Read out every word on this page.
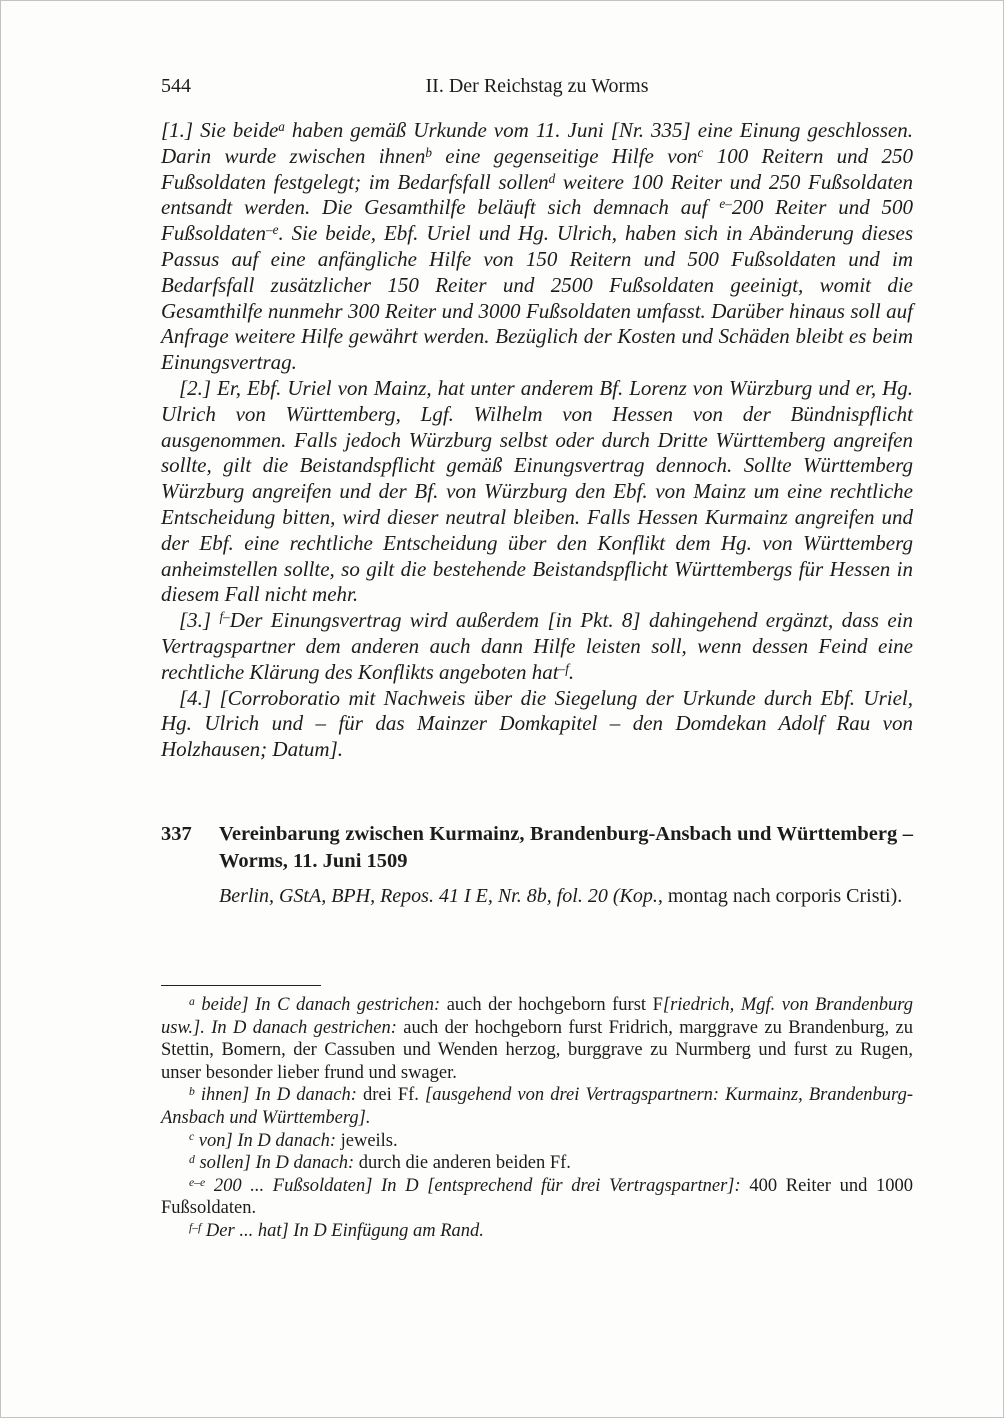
544	II. Der Reichstag zu Worms

[1.] Sie beide$^a$ haben gemäß Urkunde vom 11. Juni [Nr. 335] eine Einung geschlossen. Darin wurde zwischen ihnen$^b$ eine gegenseitige Hilfe von$^c$ 100 Reitern und 250 Fußsoldaten festgelegt; im Bedarfsfall sollen$^d$ weitere 100 Reiter und 250 Fußsoldaten entsandt werden. Die Gesamthilfe beläuft sich demnach auf $^{e-}$200 Reiter und 500 Fußsoldaten$^{-e}$. Sie beide, Ebf. Uriel und Hg. Ulrich, haben sich in Abänderung dieses Passus auf eine anfängliche Hilfe von 150 Reitern und 500 Fußsoldaten und im Bedarfsfall zusätzlicher 150 Reiter und 2500 Fußsoldaten geeinigt, womit die Gesamthilfe nunmehr 300 Reiter und 3000 Fußsoldaten umfasst. Darüber hinaus soll auf Anfrage weitere Hilfe gewährt werden. Bezüglich der Kosten und Schäden bleibt es beim Einungsvertrag.

[2.] Er, Ebf. Uriel von Mainz, hat unter anderem Bf. Lorenz von Würzburg und er, Hg. Ulrich von Württemberg, Lgf. Wilhelm von Hessen von der Bündnispflicht ausgenommen. Falls jedoch Würzburg selbst oder durch Dritte Württemberg angreifen sollte, gilt die Beistandspflicht gemäß Einungsvertrag dennoch. Sollte Württemberg Würzburg angreifen und der Bf. von Würzburg den Ebf. von Mainz um eine rechtliche Entscheidung bitten, wird dieser neutral bleiben. Falls Hessen Kurmainz angreifen und der Ebf. eine rechtliche Entscheidung über den Konflikt dem Hg. von Württemberg anheimstellen sollte, so gilt die bestehende Beistandspflicht Württembergs für Hessen in diesem Fall nicht mehr.

[3.] $^{f-}$Der Einungsvertrag wird außerdem [in Pkt. 8] dahingehend ergänzt, dass ein Vertragspartner dem anderen auch dann Hilfe leisten soll, wenn dessen Feind eine rechtliche Klärung des Konflikts angeboten hat$^{-f}$.

[4.] [Corroboratio mit Nachweis über die Siegelung der Urkunde durch Ebf. Uriel, Hg. Ulrich und – für das Mainzer Domkapitel – den Domdekan Adolf Rau von Holzhausen; Datum].

337	Vereinbarung zwischen Kurmainz, Brandenburg-Ansbach und Württemberg – Worms, 11. Juni 1509

Berlin, GStA, BPH, Repos. 41 I E, Nr. 8b, fol. 20 (Kop., montag nach corporis Cristi).

$^a$ beide] In C danach gestrichen: auch der hochgeborn furst F[riedrich, Mgf. von Brandenburg usw.]. In D danach gestrichen: auch der hochgeborn furst Fridrich, marggrave zu Brandenburg, zu Stettin, Bomern, der Cassuben und Wenden herzog, burggrave zu Nurmberg und furst zu Rugen, unser besonder lieber frund und swager.

$^b$ ihnen] In D danach: drei Ff. [ausgehend von drei Vertragspartnern: Kurmainz, Brandenburg-Ansbach und Württemberg].

$^c$ von] In D danach: jeweils.

$^d$ sollen] In D danach: durch die anderen beiden Ff.

$^{e-e}$ 200 ... Fußsoldaten] In D [entsprechend für drei Vertragspartner]: 400 Reiter und 1000 Fußsoldaten.

$^{f-f}$ Der ... hat] In D Einfügung am Rand.
